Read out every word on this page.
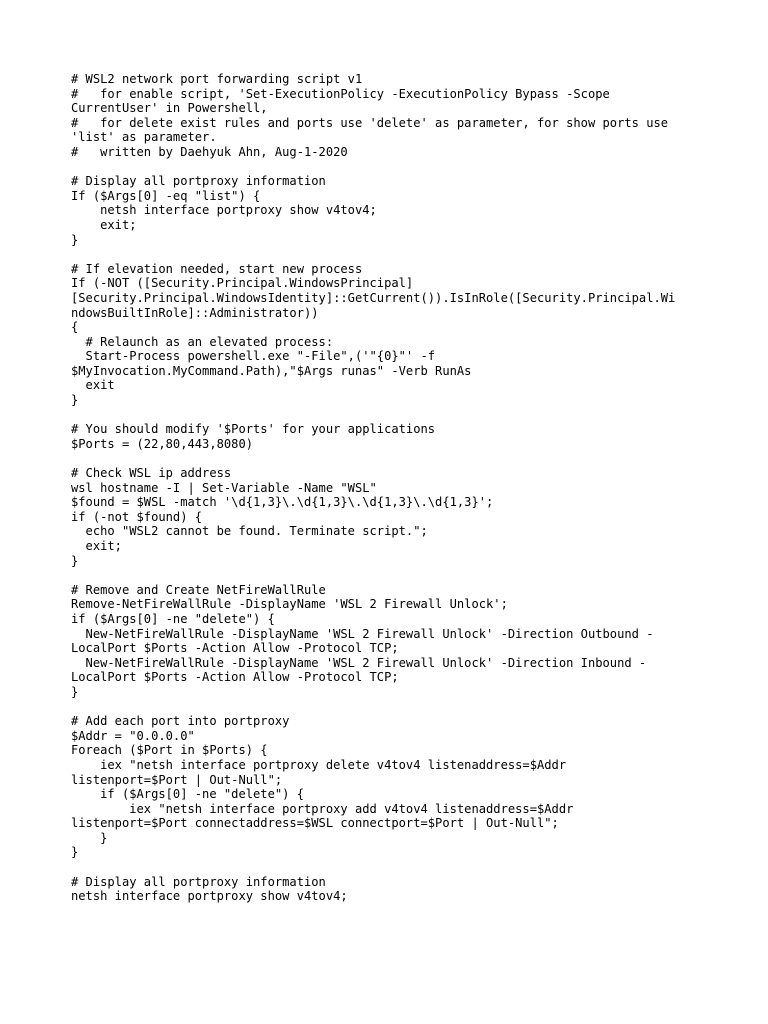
# WSL2 network port forwarding script v1
#   for enable script, 'Set-ExecutionPolicy -ExecutionPolicy Bypass -Scope
CurrentUser' in Powershell,
#   for delete exist rules and ports use 'delete' as parameter, for show ports use
'list' as parameter.
#   written by Daehyuk Ahn, Aug-1-2020
# Display all portproxy information
If ($Args[0] -eq "list") {
netsh interface portproxy show v4tov4;
exit;
}
# If elevation needed, start new process
If (-NOT ([Security.Principal.WindowsPrincipal]
[Security.Principal.WindowsIdentity]::GetCurrent()).IsInRole([Security.Principal.Wi
ndowsBuiltInRole]::Administrator))
{
# Relaunch as an elevated process:
Start-Process powershell.exe "-File",('"{0}"' -f
$MyInvocation.MyCommand.Path),"$Args runas" -Verb RunAs
exit
}
# You should modify '$Ports' for your applications
$Ports = (22,80,443,8080)
# Check WSL ip address
wsl hostname -I | Set-Variable -Name "WSL"
$found = $WSL -match '\d{1,3}\.\d{1,3}\.\d{1,3}\.\d{1,3}';
if (-not $found) {
echo "WSL2 cannot be found. Terminate script.";
exit;
}
# Remove and Create NetFireWallRule
Remove-NetFireWallRule -DisplayName 'WSL 2 Firewall Unlock';
if ($Args[0] -ne "delete") {
New-NetFireWallRule -DisplayName 'WSL 2 Firewall Unlock' -Direction Outbound -
LocalPort $Ports -Action Allow -Protocol TCP;
New-NetFireWallRule -DisplayName 'WSL 2 Firewall Unlock' -Direction Inbound -
LocalPort $Ports -Action Allow -Protocol TCP;
}
# Add each port into portproxy
$Addr = "0.0.0.0"
Foreach ($Port in $Ports) {
iex "netsh interface portproxy delete v4tov4 listenaddress=$Addr
listenport=$Port | Out-Null";
if ($Args[0] -ne "delete") {
iex "netsh interface portproxy add v4tov4 listenaddress=$Addr
listenport=$Port connectaddress=$WSL connectport=$Port | Out-Null";
}
}
# Display all portproxy information
netsh interface portproxy show v4tov4;
